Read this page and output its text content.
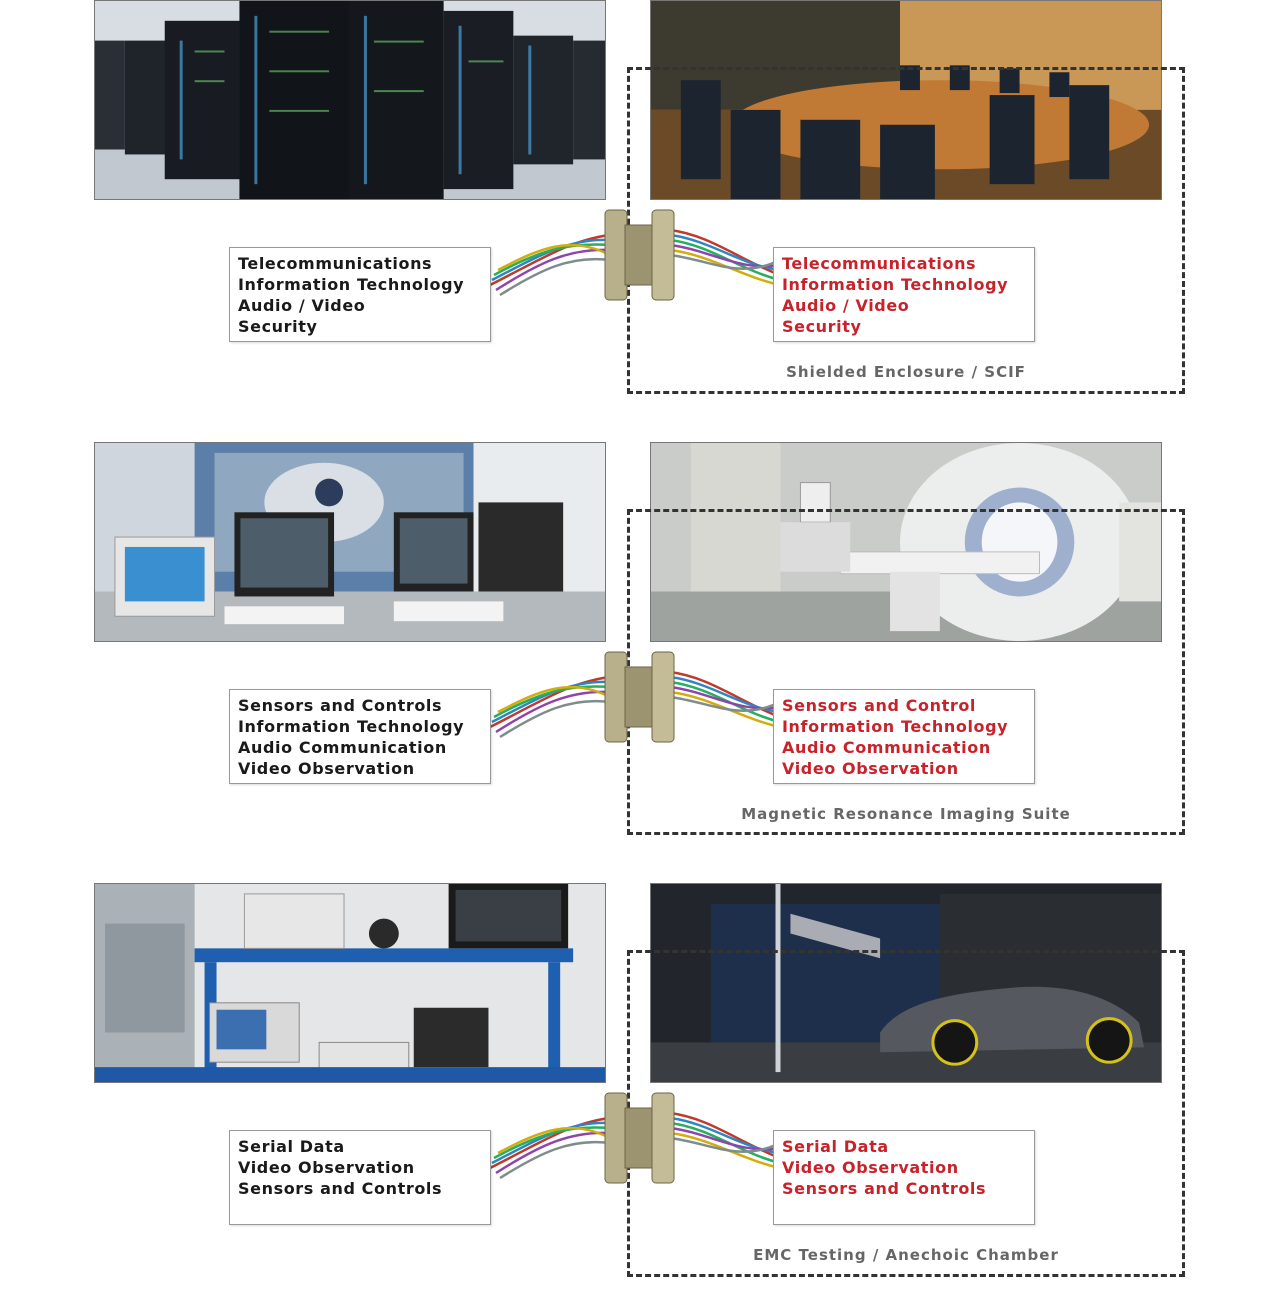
Telecommunications
Information Technology
Audio / Video
Security
Telecommunications
Information Technology
Audio / Video
Security
Shielded Enclosure / SCIF
Sensors and Controls
Information Technology
Audio Communication
Video Observation
Sensors and Control
Information Technology
Audio Communication
Video Observation
Magnetic Resonance Imaging Suite
Serial Data
Video Observation
Sensors and Controls
Serial Data
Video Observation
Sensors and Controls
EMC Testing / Anechoic Chamber
